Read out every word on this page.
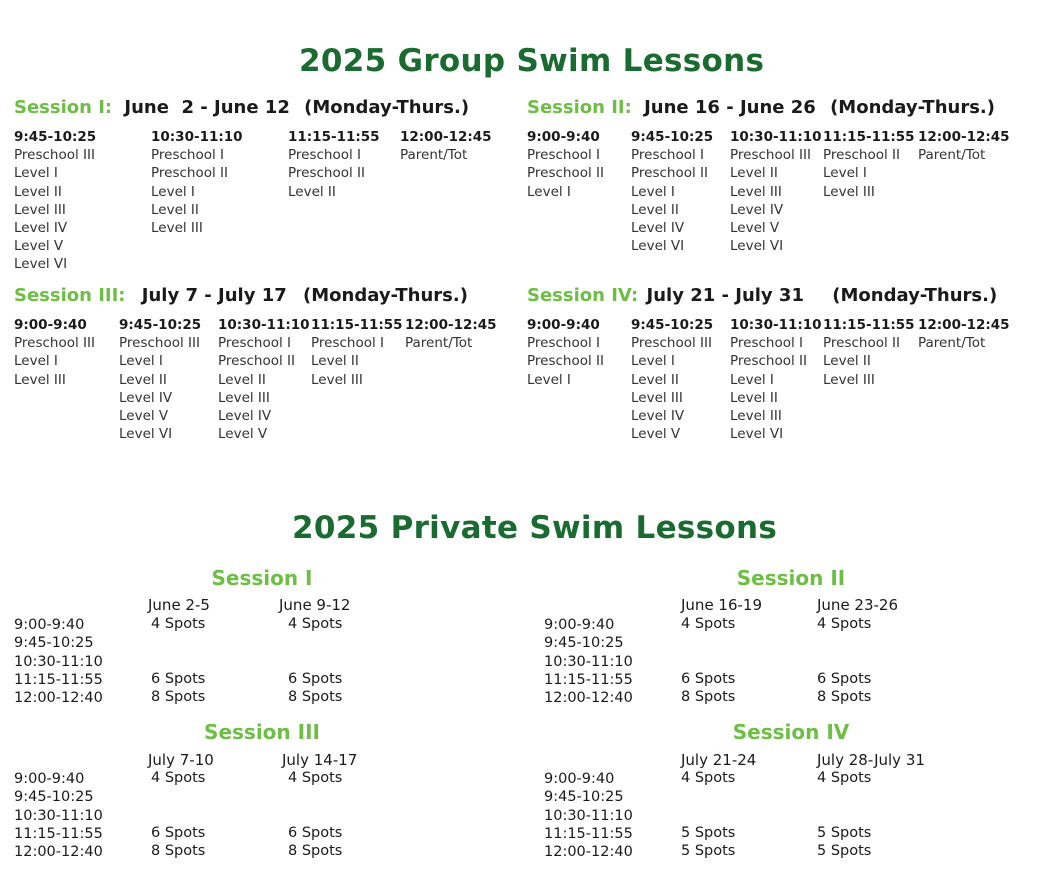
2025 Group Swim Lessons
Session I: June  2 - June 12 (Monday-Thurs.)	Session II: June 16 - June 26 (Monday-Thurs.)
Session III: July 7 - July 17 (Monday-Thurs.)	Session IV: July 21 - July 31 (Monday-Thurs.)
9:45-10:25
Preschool III
Level I
Level II
Level III
Level IV
Level V
Level VI
10:30-11:10
Preschool I
Preschool II
Level I
Level II
Level III
11:15-11:55
Preschool I
Preschool II
Level II
12:00-12:45
Parent/Tot
9:00-9:40
Preschool I
Preschool II
Level I
9:45-10:25
Preschool I
Preschool II
Level I
Level II
Level IV
Level VI
10:30-11:10
Preschool III
Level II
Level III
Level IV
Level V
Level VI
11:15-11:55
Preschool II
Level I
Level III
12:00-12:45
Parent/Tot
9:00-9:40
Preschool III
Level I
Level III
9:45-10:25
Preschool III
Level I
Level II
Level IV
Level V
Level VI
10:30-11:10
Preschool I
Preschool II
Level II
Level III
Level IV
Level V
11:15-11:55
Preschool I
Level II
Level III
12:00-12:45
Parent/Tot
9:00-9:40
Preschool I
Preschool II
Level I
9:45-10:25
Preschool III
Level I
Level II
Level III
Level IV
Level V
10:30-11:10
Preschool I
Preschool II
Level I
Level II
Level III
Level VI
11:15-11:55
Preschool II
Level II
Level III
12:00-12:45
Parent/Tot
2025 Private Swim Lessons
Session I
June 2-5	June 9-12
9:00-9:40	4 Spots	4 Spots
9:45-10:25
10:30-11:10
11:15-11:55	6 Spots	6 Spots
12:00-12:40	8 Spots	8 Spots
Session II
June 16-19	June 23-26
9:00-9:40	4 Spots	4 Spots
9:45-10:25
10:30-11:10
11:15-11:55	6 Spots	6 Spots
12:00-12:40	8 Spots	8 Spots
Session III
July 7-10	July 14-17
9:00-9:40	4 Spots	4 Spots
9:45-10:25
10:30-11:10
11:15-11:55	6 Spots	6 Spots
12:00-12:40	8 Spots	8 Spots
Session IV
July 21-24	July 28-July 31
9:00-9:40	4 Spots	4 Spots
9:45-10:25
10:30-11:10
11:15-11:55	5 Spots	5 Spots
12:00-12:40	5 Spots	5 Spots
